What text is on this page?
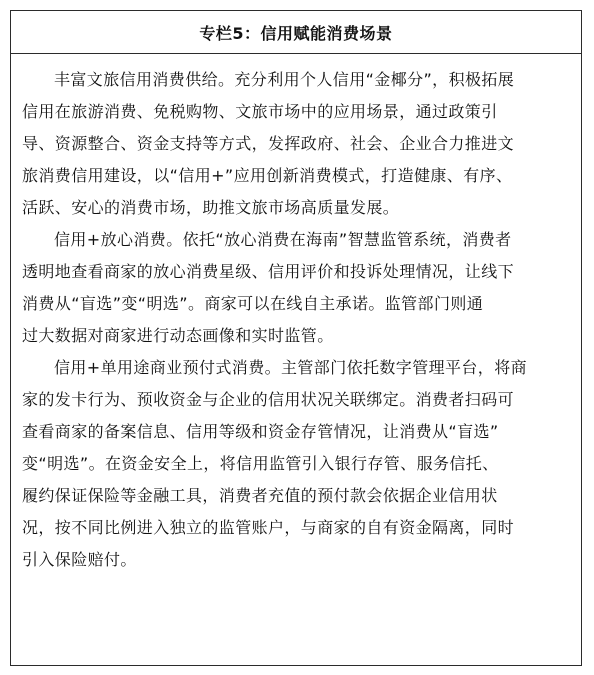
专栏5：信用赋能消费场景

丰富文旅信用消费供给。充分利用个人信用“金椰分”，积极拓展
信用在旅游消费、免税购物、文旅市场中的应用场景，通过政策引
导、资源整合、资金支持等方式，发挥政府、社会、企业合力推进文
旅消费信用建设，以“信用+”应用创新消费模式，打造健康、有序、
活跃、安心的消费市场，助推文旅市场高质量发展。

信用+放心消费。依托“放心消费在海南”智慧监管系统，消费者
透明地查看商家的放心消费星级、信用评价和投诉处理情况，让线下
消费从“盲选”变“明选”。商家可以在线自主承诺。监管部门则通
过大数据对商家进行动态画像和实时监管。

信用+单用途商业预付式消费。主管部门依托数字管理平台，将商
家的发卡行为、预收资金与企业的信用状况关联绑定。消费者扫码可
查看商家的备案信息、信用等级和资金存管情况，让消费从“盲选”
变“明选”。在资金安全上，将信用监管引入银行存管、服务信托、
履约保证保险等金融工具，消费者充值的预付款会依据企业信用状
况，按不同比例进入独立的监管账户，与商家的自有资金隔离，同时
引入保险赔付。
